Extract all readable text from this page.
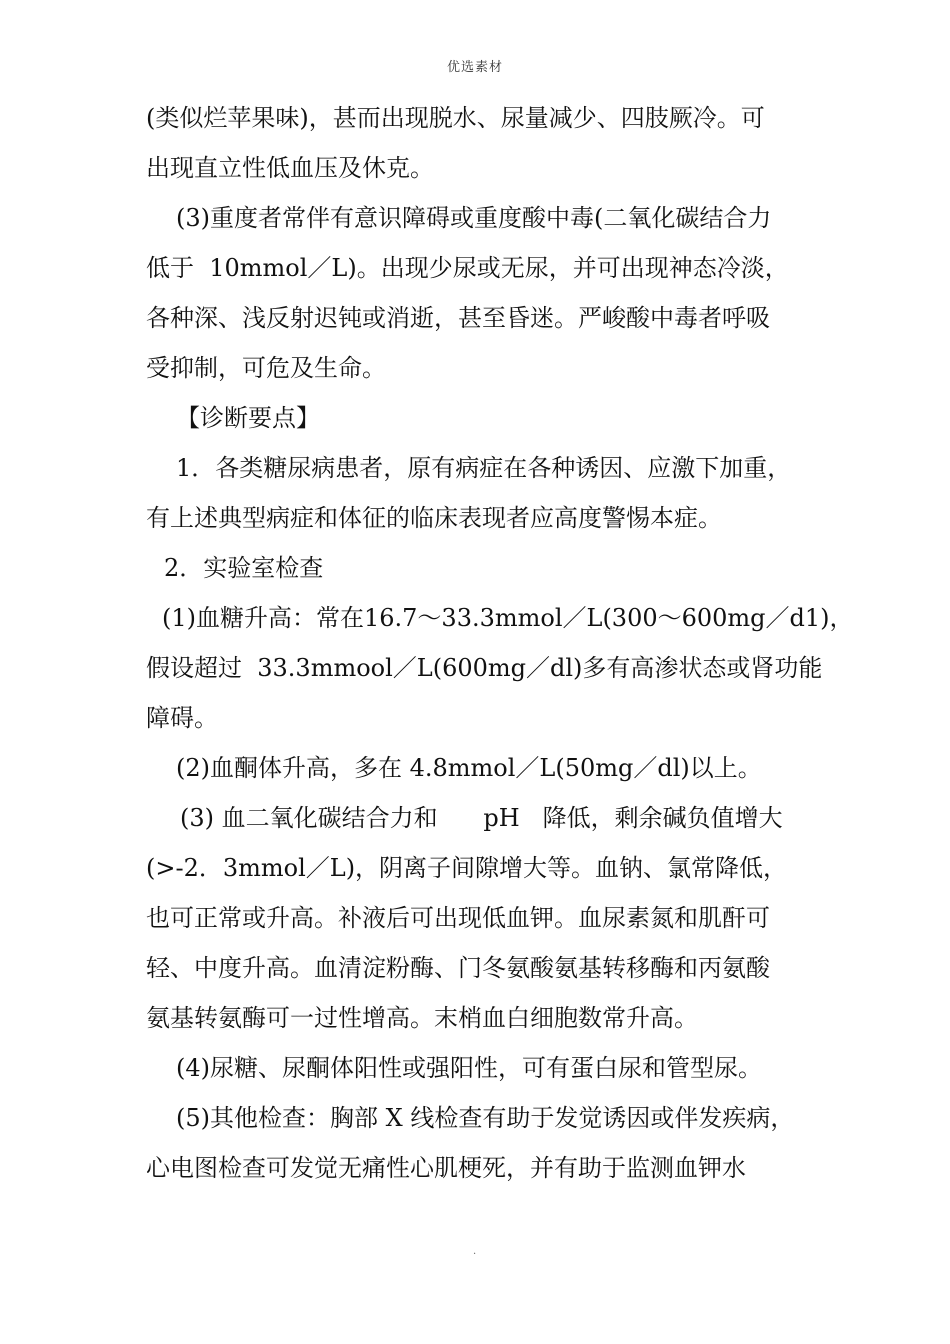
优选素材
(类似烂苹果味)，甚而出现脱水、尿量减少、四肢厥冷。可
出现直立性低血压及休克。
(3)重度者常伴有意识障碍或重度酸中毒(二氧化碳结合力
低于  10mmol／L)。出现少尿或无尿，并可出现神态冷淡，
各种深、浅反射迟钝或消逝，甚至昏迷。严峻酸中毒者呼吸
受抑制，可危及生命。
【诊断要点】
1．各类糖尿病患者，原有病症在各种诱因、应激下加重，
有上述典型病症和体征的临床表现者应高度警惕本症。
2．实验室检查
(1)血糖升高：常在16.7～33.3mmol／L(300～600mg／d1)，
假设超过  33.3mmool／L(600mg／dl)多有高渗状态或肾功能
障碍。
(2)血酮体升高，多在 4.8mmol／L(50mg／dl)以上。
(3) 血二氧化碳结合力和      pH   降低，剩余碱负值增大
(>-2．3mmol／L)，阴离子间隙增大等。血钠、氯常降低，
也可正常或升高。补液后可出现低血钾。血尿素氮和肌酐可
轻、中度升高。血清淀粉酶、门冬氨酸氨基转移酶和丙氨酸
氨基转氨酶可一过性增高。末梢血白细胞数常升高。
(4)尿糖、尿酮体阳性或强阳性，可有蛋白尿和管型尿。
(5)其他检查：胸部 X 线检查有助于发觉诱因或伴发疾病，
心电图检查可发觉无痛性心肌梗死，并有助于监测血钾水
.
